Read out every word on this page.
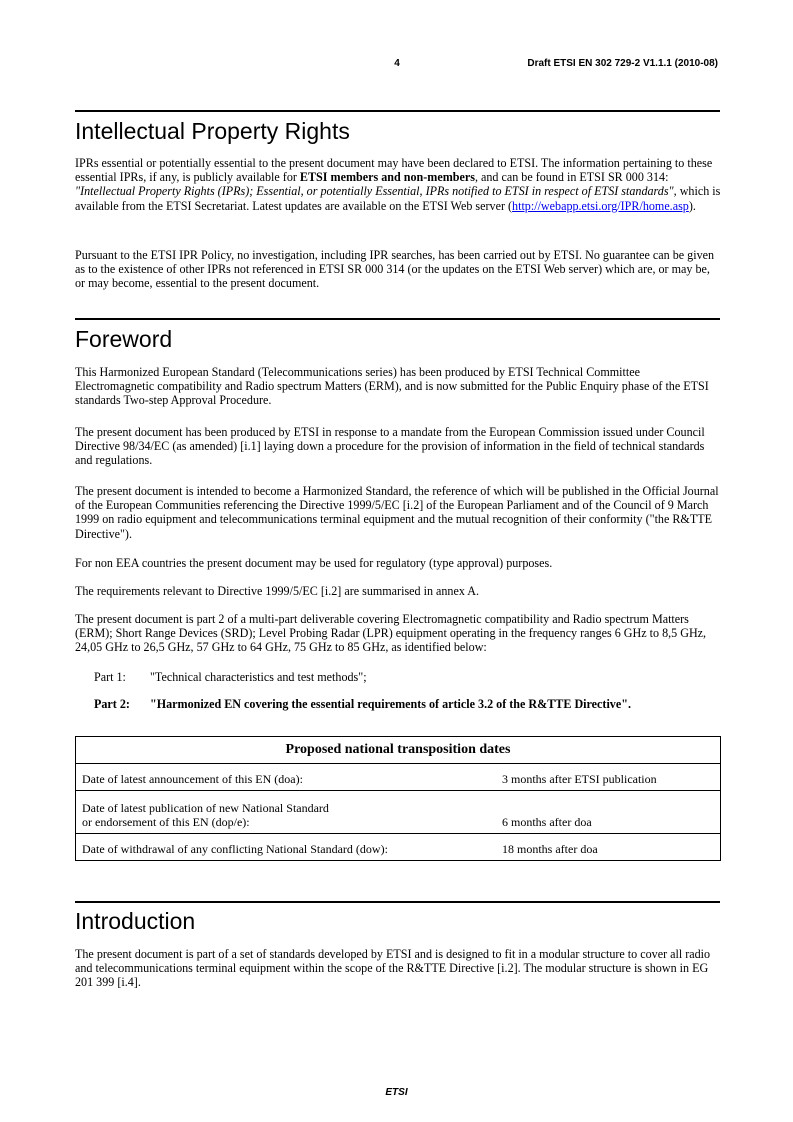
4	Draft ETSI EN 302 729-2 V1.1.1 (2010-08)
Intellectual Property Rights

IPRs essential or potentially essential to the present document may have been declared to ETSI. The information pertaining to these essential IPRs, if any, is publicly available for ETSI members and non-members, and can be found in ETSI SR 000 314: "Intellectual Property Rights (IPRs); Essential, or potentially Essential, IPRs notified to ETSI in respect of ETSI standards", which is available from the ETSI Secretariat. Latest updates are available on the ETSI Web server (http://webapp.etsi.org/IPR/home.asp).

Pursuant to the ETSI IPR Policy, no investigation, including IPR searches, has been carried out by ETSI. No guarantee can be given as to the existence of other IPRs not referenced in ETSI SR 000 314 (or the updates on the ETSI Web server) which are, or may be, or may become, essential to the present document.

Foreword

This Harmonized European Standard (Telecommunications series) has been produced by ETSI Technical Committee Electromagnetic compatibility and Radio spectrum Matters (ERM), and is now submitted for the Public Enquiry phase of the ETSI standards Two-step Approval Procedure.

The present document has been produced by ETSI in response to a mandate from the European Commission issued under Council Directive 98/34/EC (as amended) [i.1] laying down a procedure for the provision of information in the field of technical standards and regulations.

The present document is intended to become a Harmonized Standard, the reference of which will be published in the Official Journal of the European Communities referencing the Directive 1999/5/EC [i.2] of the European Parliament and of the Council of 9 March 1999 on radio equipment and telecommunications terminal equipment and the mutual recognition of their conformity ("the R&TTE Directive").

For non EEA countries the present document may be used for regulatory (type approval) purposes.

The requirements relevant to Directive 1999/5/EC [i.2] are summarised in annex A.

The present document is part 2 of a multi-part deliverable covering Electromagnetic compatibility and Radio spectrum Matters (ERM); Short Range Devices (SRD); Level Probing Radar (LPR) equipment operating in the frequency ranges 6 GHz to 8,5 GHz, 24,05 GHz to 26,5 GHz, 57 GHz to 64 GHz, 75 GHz to 85 GHz, as identified below:

Part 1: "Technical characteristics and test methods";
Part 2: "Harmonized EN covering the essential requirements of article 3.2 of the R&TTE Directive".
Proposed national transposition dates

Date of latest announcement of this EN (doa):	3 months after ETSI publication

Date of latest publication of new National Standard
or endorsement of this EN (dop/e):	6 months after doa

Date of withdrawal of any conflicting National Standard (dow):	18 months after doa
Introduction

The present document is part of a set of standards developed by ETSI and is designed to fit in a modular structure to cover all radio and telecommunications terminal equipment within the scope of the R&TTE Directive [i.2]. The modular structure is shown in EG 201 399 [i.4].

ETSI
